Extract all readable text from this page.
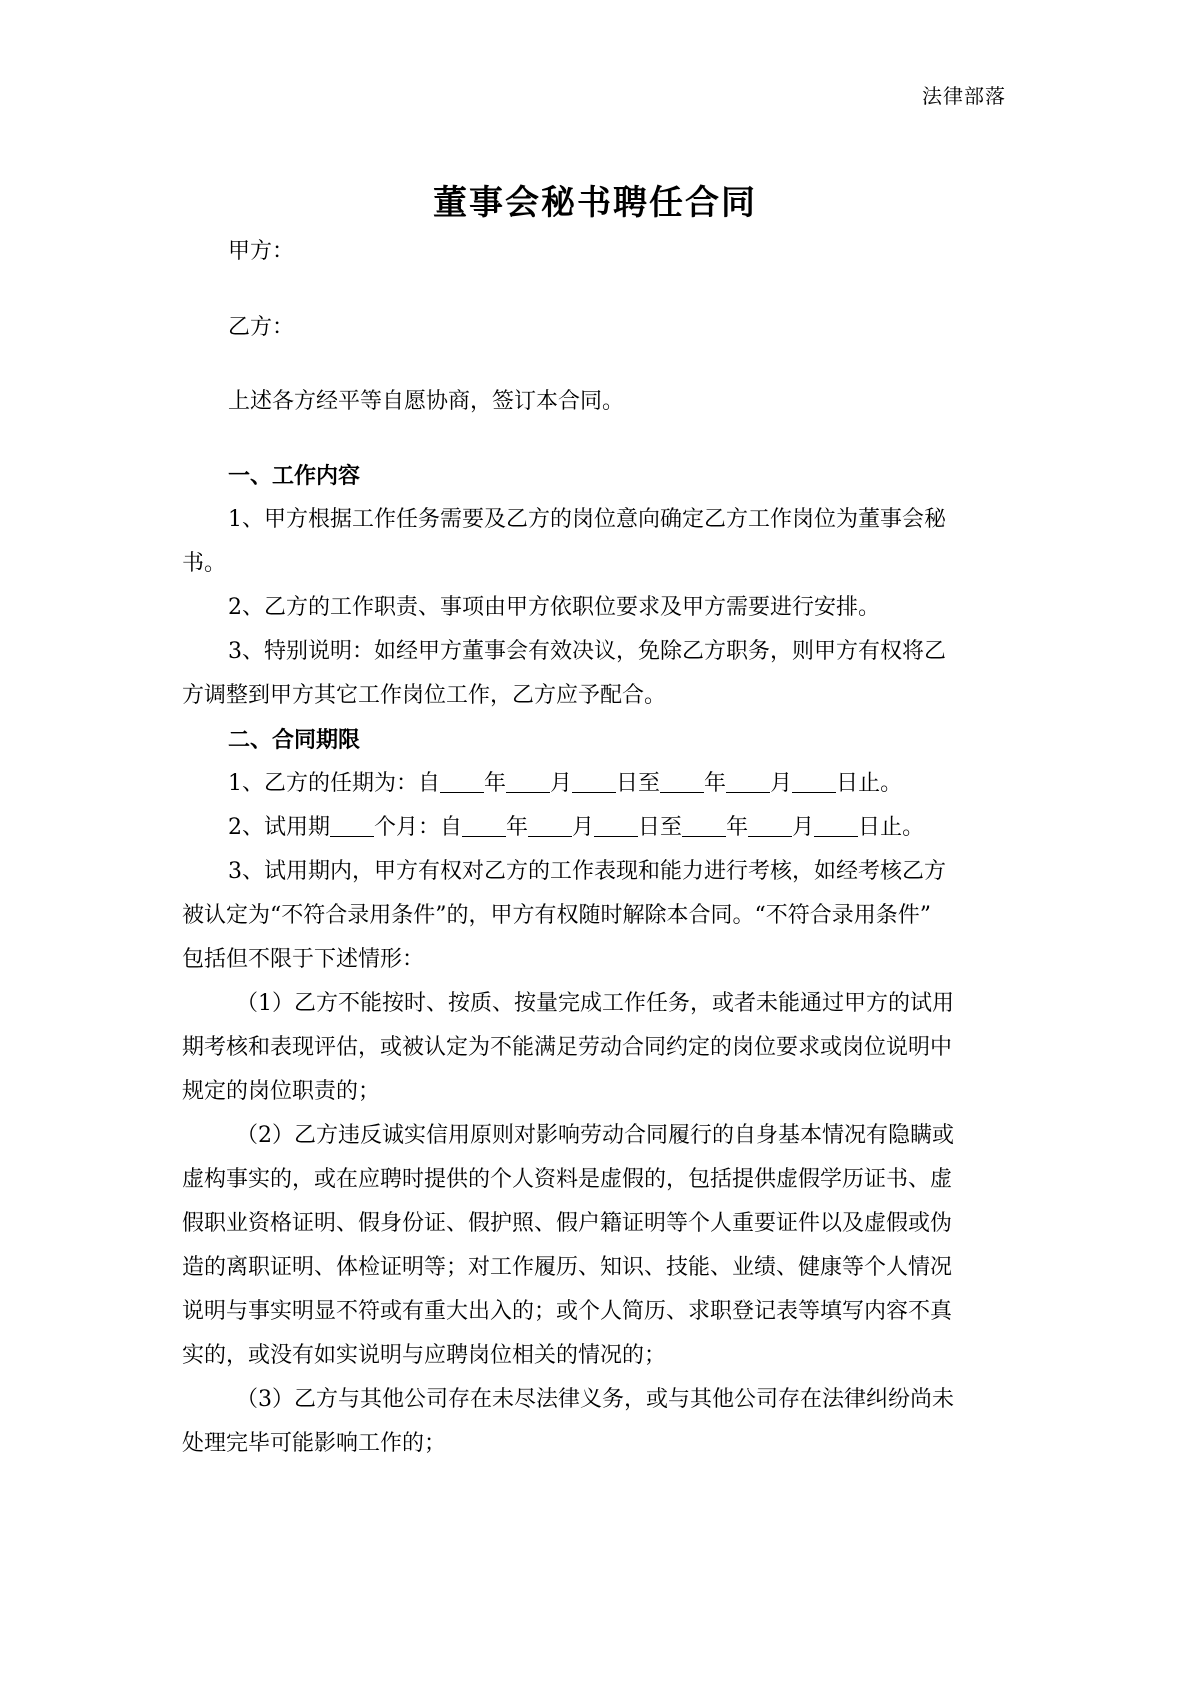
法律部落
董事会秘书聘任合同
甲方：
乙方：
上述各方经平等自愿协商，签订本合同。
一、工作内容
1、甲方根据工作任务需要及乙方的岗位意向确定乙方工作岗位为董事会秘
书。
2、乙方的工作职责、事项由甲方依职位要求及甲方需要进行安排。
3、特别说明：如经甲方董事会有效决议，免除乙方职务，则甲方有权将乙
方调整到甲方其它工作岗位工作，乙方应予配合。
二、合同期限
1、乙方的任期为：自 年 月 日至 年 月 日止。
2、试用期 个月：自 年 月 日至 年 月 日止。
3、试用期内，甲方有权对乙方的工作表现和能力进行考核，如经考核乙方
被认定为“不符合录用条件”的，甲方有权随时解除本合同。“不符合录用条件”
包括但不限于下述情形：
（1）乙方不能按时、按质、按量完成工作任务，或者未能通过甲方的试用
期考核和表现评估，或被认定为不能满足劳动合同约定的岗位要求或岗位说明中
规定的岗位职责的；
（2）乙方违反诚实信用原则对影响劳动合同履行的自身基本情况有隐瞒或
虚构事实的，或在应聘时提供的个人资料是虚假的，包括提供虚假学历证书、虚
假职业资格证明、假身份证、假护照、假户籍证明等个人重要证件以及虚假或伪
造的离职证明、体检证明等；对工作履历、知识、技能、业绩、健康等个人情况
说明与事实明显不符或有重大出入的；或个人简历、求职登记表等填写内容不真
实的，或没有如实说明与应聘岗位相关的情况的；
（3）乙方与其他公司存在未尽法律义务，或与其他公司存在法律纠纷尚未
处理完毕可能影响工作的；
